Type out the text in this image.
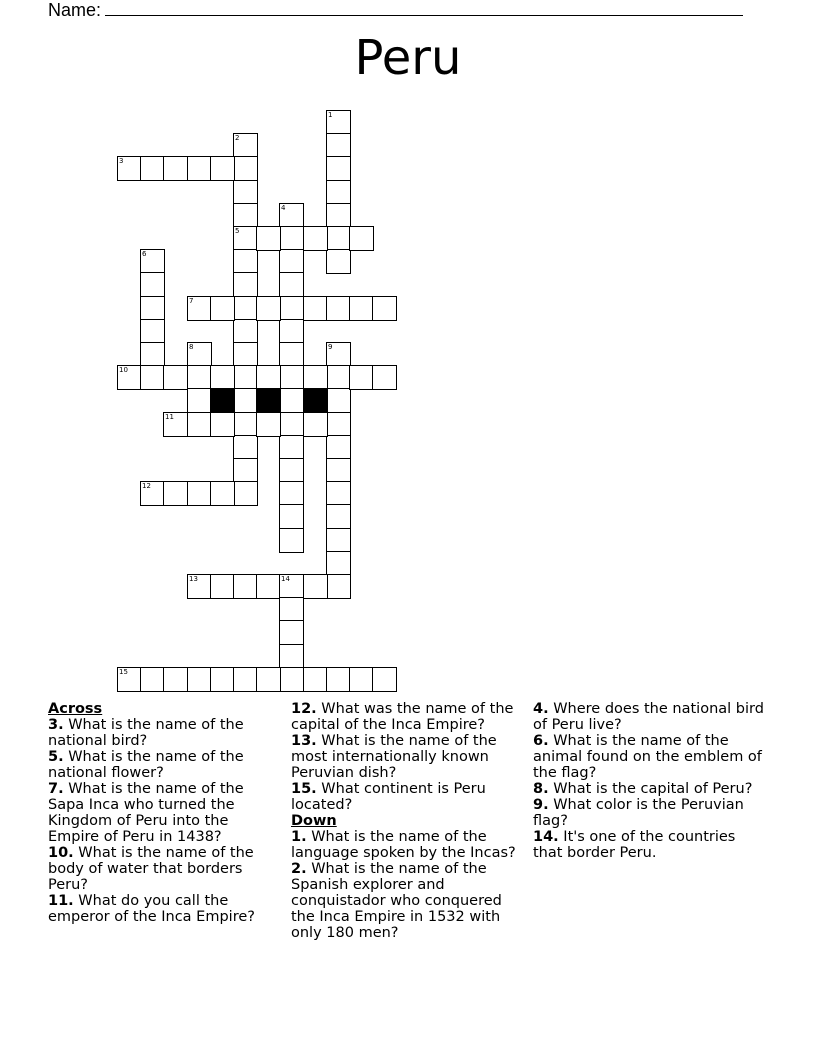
Name:
Peru
1
2
5
3
4
6
7
8	9
10
11
12
13	14
15
Across
3. What is the name of the national bird?
5. What is the name of the national flower?
7. What is the name of the Sapa Inca who turned the Kingdom of Peru into the Empire of Peru in 1438?
10. What is the name of the body of water that borders Peru?
11. What do you call the emperor of the Inca Empire?
12. What was the name of the capital of the Inca Empire?
13. What is the name of the most internationally known Peruvian dish?
15. What continent is Peru located?
Down
1. What is the name of the language spoken by the Incas?
2. What is the name of the Spanish explorer and conquistador who conquered the Inca Empire in 1532 with only 180 men?
4. Where does the national bird of Peru live?
6. What is the name of the animal found on the emblem of the flag?
8. What is the capital of Peru?
9. What color is the Peruvian flag?
14. It's one of the countries that border Peru.
